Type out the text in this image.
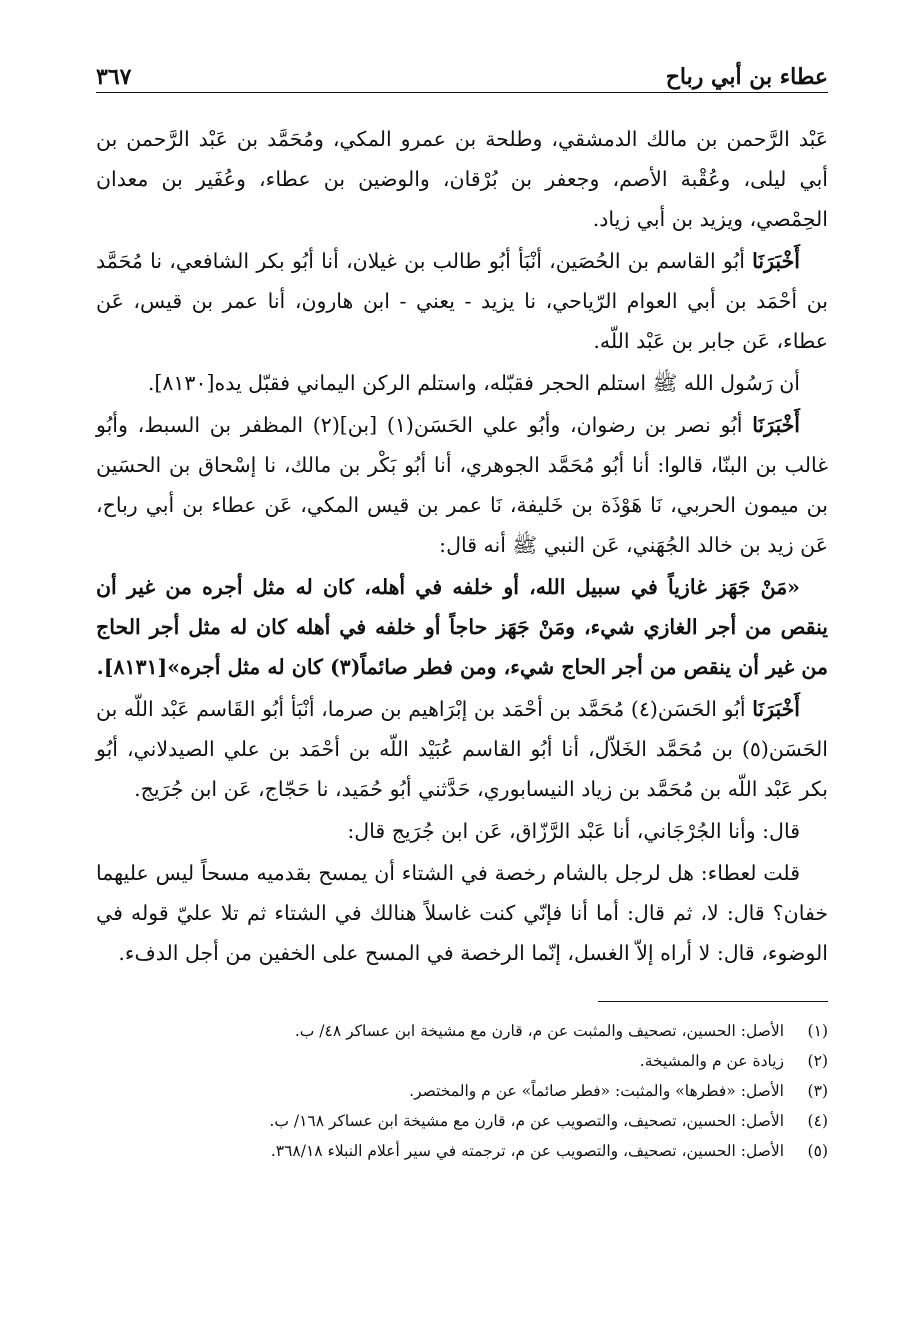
عطاء بن أبي رباح
٣٦٧

عَبْد الرَّحمن بن مالك الدمشقي، وطلحة بن عمرو المكي، ومُحَمَّد بن عَبْد الرَّحمن بن أبي ليلى، وعُقْبة الأصم، وجعفر بن بُرْقان، والوضين بن عطاء، وعُفَير بن معدان الحِمْصي، ويزيد بن أبي زياد.

أَخْبَرَنَا أبُو القاسم بن الحُصَين، أنْبَأ أبُو طالب بن غيلان، أنا أبُو بكر الشافعي، نا مُحَمَّد بن أحْمَد بن أبي العوام الرّياحي، نا يزيد - يعني - ابن هارون، أنا عمر بن قيس، عَن عطاء، عَن جابر بن عَبْد اللّه.

أن رَسُول الله ﷺ استلم الحجر فقبّله، واستلم الركن اليماني فقبّل يده[٨١٣٠].

أَخْبَرَنَا أبُو نصر بن رضوان، وأبُو علي الحَسَن(١) [بن](٢) المظفر بن السبط، وأبُو غالب بن البنّا، قالوا: أنا أبُو مُحَمَّد الجوهري، أنا أبُو بَكْر بن مالك، نا إسْحاق بن الحسَين بن ميمون الحربي، نَا هَوْذَة بن خَليفة، نَا عمر بن قيس المكي، عَن عطاء بن أبي رباح، عَن زيد بن خالد الجُهَني، عَن النبي ﷺ أنه قال:

«مَنْ جَهَز غازياً في سبيل الله، أو خلفه في أهله، كان له مثل أجره من غير أن ينقص من أجر الغازي شيء، ومَنْ جَهَز حاجاً أو خلفه في أهله كان له مثل أجر الحاج من غير أن ينقص من أجر الحاج شيء، ومن فطر صائماً(٣) كان له مثل أجره»[٨١٣١].

أَخْبَرَنَا أبُو الحَسَن(٤) مُحَمَّد بن أحْمَد بن إبْرَاهيم بن صرما، أنْبَأ أبُو القَاسم عَبْد اللّه بن الحَسَن(٥) بن مُحَمَّد الخَلاّل، أنا أبُو القاسم عُبَيْد اللّه بن أحْمَد بن علي الصيدلاني، أبُو بكر عَبْد اللّه بن مُحَمَّد بن زياد النيسابوري، حَدَّثني أبُو حُمَيد، نا حَجّاج، عَن ابن جُرَيج.

قال: وأنا الجُرْجَاني، أنا عَبْد الرَّزّاق، عَن ابن جُرَيج قال:

قلت لعطاء: هل لرجل بالشام رخصة في الشتاء أن يمسح بقدميه مسحاً ليس عليهما خفان؟ قال: لا، ثم قال: أما أنا فإنّي كنت غاسلاً هنالك في الشتاء ثم تلا عليّ قوله في الوضوء، قال: لا أراه إلاّ الغسل، إنّما الرخصة في المسح على الخفين من أجل الدفء.

(١)
الأصل: الحسين، تصحيف والمثبت عن م، قارن مع مشيخة ابن عساكر ٤٨/ ب.
(٢)
زيادة عن م والمشيخة.
(٣)
الأصل: «فطرها» والمثبت: «فطر صائماً» عن م والمختصر.
(٤)
الأصل: الحسين، تصحيف، والتصويب عن م، قارن مع مشيخة ابن عساكر ١٦٨/ ب.
(٥)
الأصل: الحسين، تصحيف، والتصويب عن م، ترجمته في سير أعلام النبلاء ٣٦٨/١٨.
